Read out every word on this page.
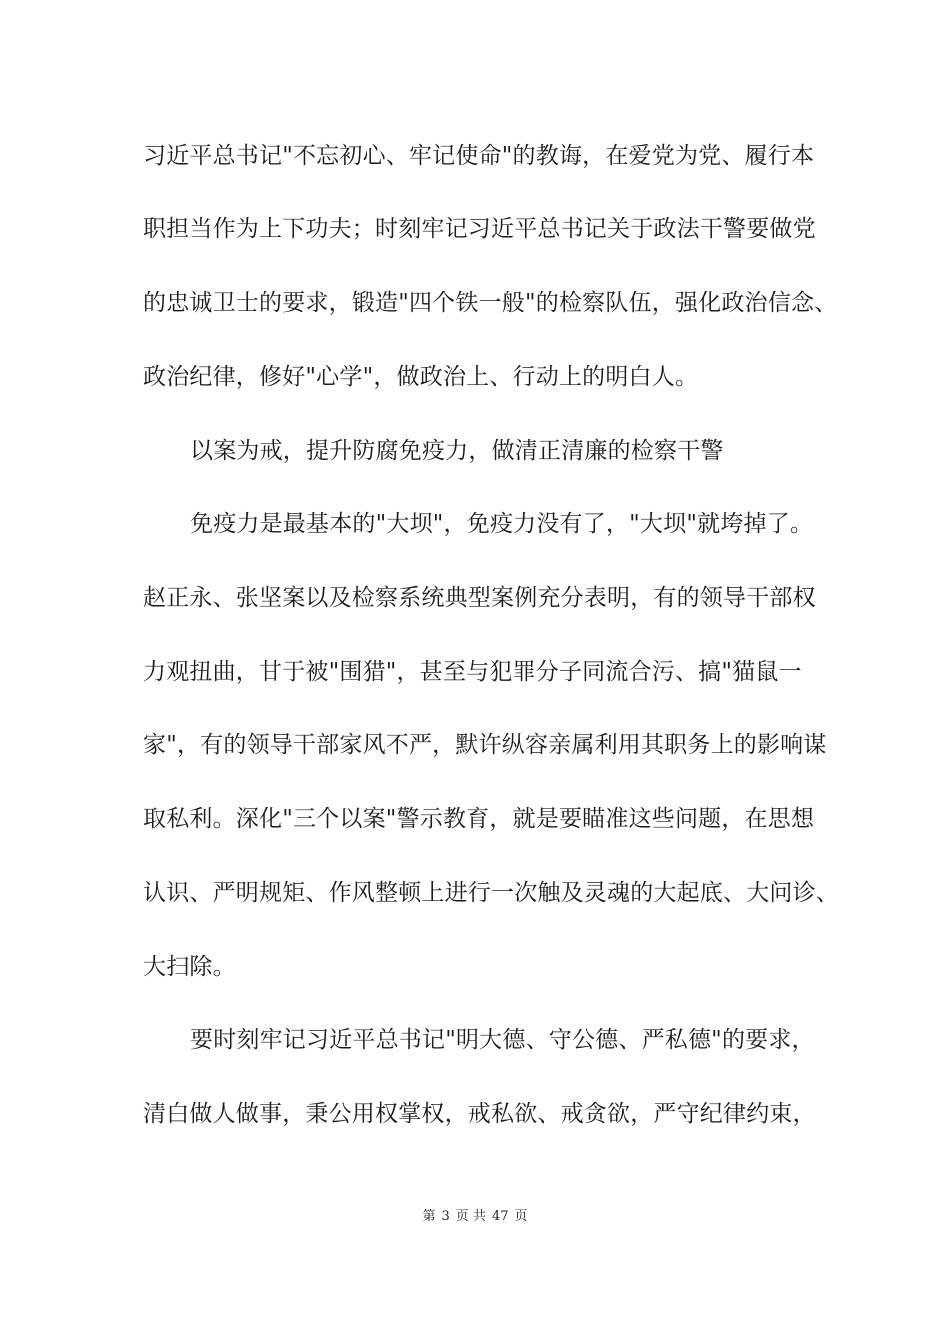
习近平总书记"不忘初心、牢记使命"的教诲，在爱党为党、履行本
职担当作为上下功夫；时刻牢记习近平总书记关于政法干警要做党
的忠诚卫士的要求，锻造"四个铁一般"的检察队伍，强化政治信念、
政治纪律，修好"心学"，做政治上、行动上的明白人。
以案为戒，提升防腐免疫力，做清正清廉的检察干警
免疫力是最基本的"大坝"，免疫力没有了，"大坝"就垮掉了。
赵正永、张坚案以及检察系统典型案例充分表明，有的领导干部权
力观扭曲，甘于被"围猎"，甚至与犯罪分子同流合污、搞"猫鼠一
家"，有的领导干部家风不严，默许纵容亲属利用其职务上的影响谋
取私利。深化"三个以案"警示教育，就是要瞄准这些问题，在思想
认识、严明规矩、作风整顿上进行一次触及灵魂的大起底、大问诊、
大扫除。
要时刻牢记习近平总书记"明大德、守公德、严私德"的要求，
清白做人做事，秉公用权掌权，戒私欲、戒贪欲，严守纪律约束，
第 3 页 共 47 页
